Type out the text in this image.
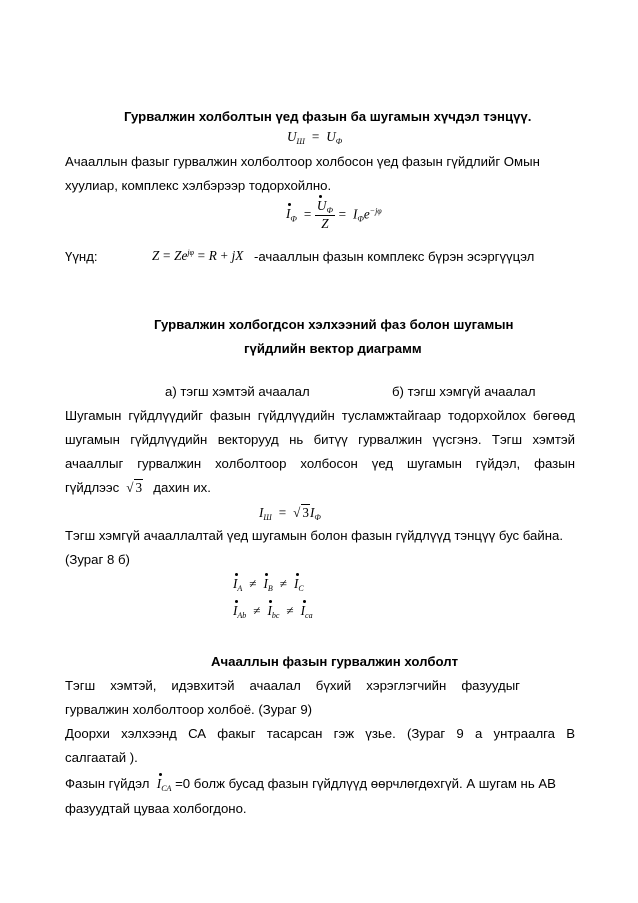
Гурвалжин холболтын үед фазын ба шугамын хүчдэл тэнцүү.
$U_Ш = U_Ф$
Ачааллын фазыг гурвалжин холболтоор холбосон үед фазын гүйдлийг Омын
хуулиар, комплекс хэлбэрээр тодорхойлно.
$I_Ф = \frac{U_Ф}{Z} = I_Фe^{-j\varphi}$
Үүнд:	$Z = Ze^{j\varphi} = R$ + jX -ачааллын фазын комплекс бүрэн эсэргүүцэл
Гурвалжин холбогдсон хэлхээний фаз болон шугамын
гүйдлийн вектор диаграмм
а) тэгш хэмтэй ачаалал	б) тэгш хэмгүй ачаалал
Шугамын гүйдлүүдийг фазын гүйдлүүдийн тусламжтайгаар тодорхойлох бөгөөд
шугамын гүйдлүүдийн векторууд нь битүү гурвалжин үүсгэнэ. Тэгш хэмтэй
ачааллыг гурвалжин холболтоор холбосон үед шугамын гүйдэл, фазын
гүйдлээс  √ 3 дахин их.
$I_Ш$ = √ $3I_Ф$
Тэгш хэмгүй ачааллалтай үед шугамын болон фазын гүйдлүүд тэнцүү бус байна.
(Зураг 8 б)
$I_A \ne I_B \ne I_C$
$I_{Ab} \ne I_{bc} \ne I_{ca}$
Ачааллын фазын гурвалжин холболт
Тэгш хэмтэй, идэвхитэй ачаалал бүхий хэрэглэгчийн фазуудыг
гурвалжин холболтоор холбоё. (Зураг 9)
Доорхи хэлхээнд СА факыг тасарсан гэж үзье. (Зураг 9 а унтраалга В
салгаатай ).
Фазын гүйдэл $I_{CA} =0$ болж бусад фазын гүйдлүүд өөрчлөгдөхгүй. А шугам нь АВ
фазуудтай цуваа холбогдоно.
